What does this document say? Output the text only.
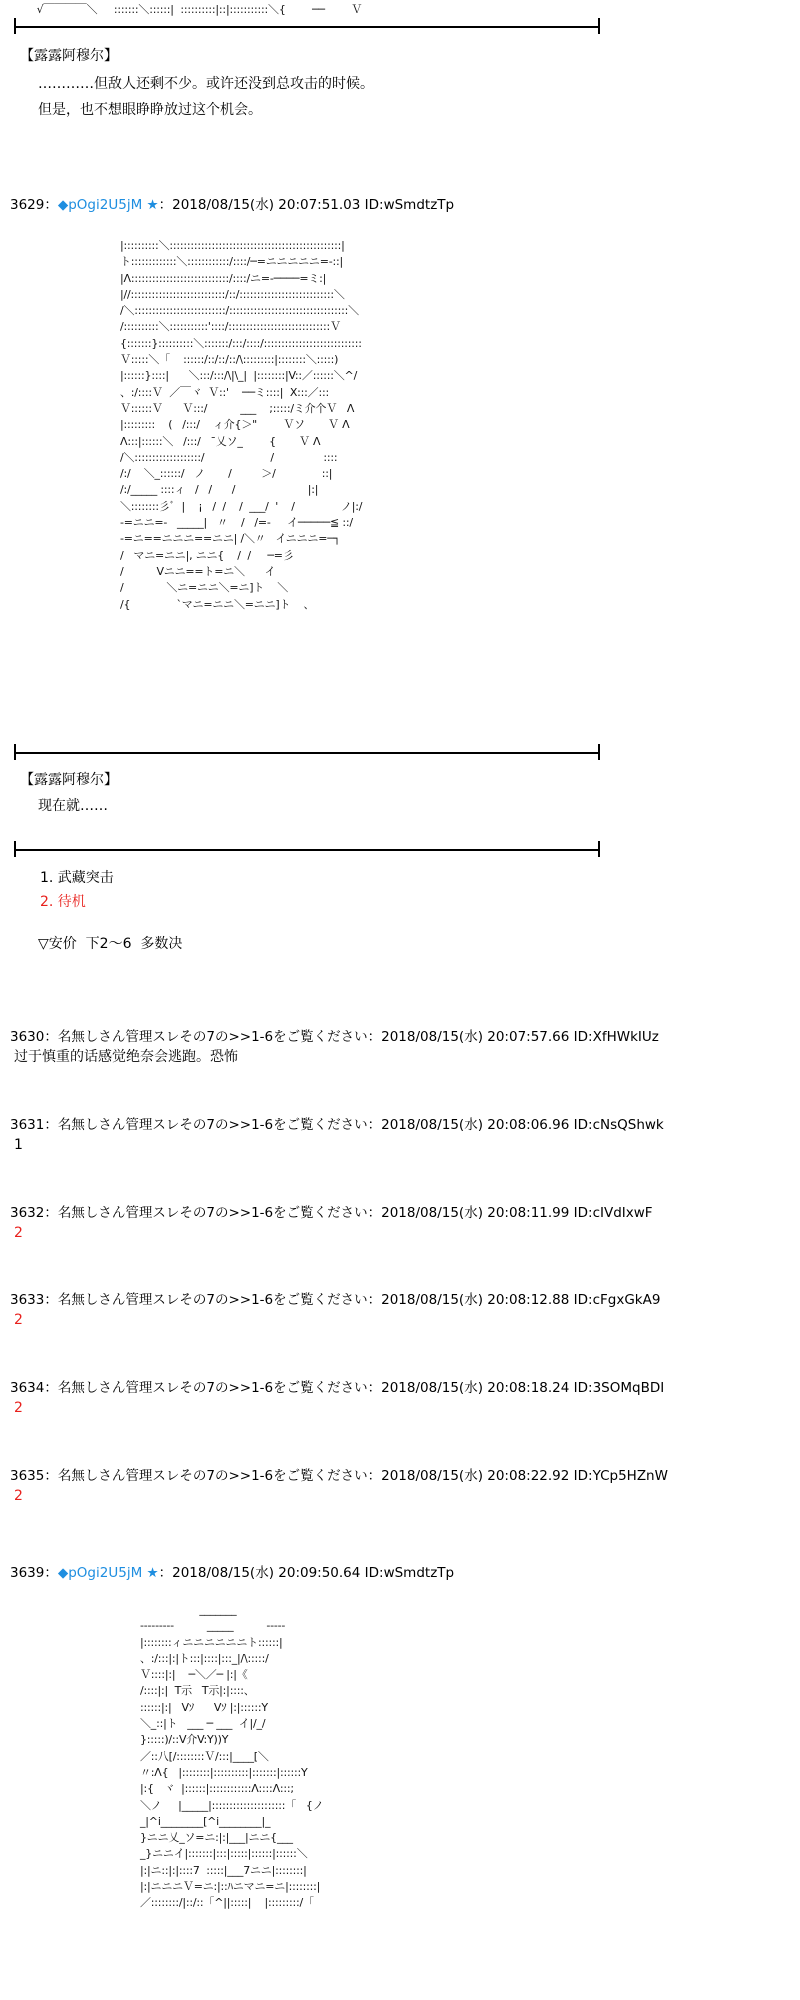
√￣￣￣￣＼     :::::::＼::::::|  ::::::::::|::|:::::::::::＼{        ──        Ｖ
【露露阿穆尔】
…………但敌人还剩不少。或许还没到总攻击的时候。
但是，也不想眼睁睁放过这个机会。
3629：◆pOgi2U5jM ★：2018/08/15(水) 20:07:51.03 ID:wSmdtzTp
|::::::::::＼:::::::::::::::::::::::::::::::::::::::::::::::::|
ト:::::::::::::＼::::::::::::/::::/─=ニニニニニ=-::|
|Λ::::::::::::::::::::::::::::/::::/ニ=‐────=ミ:|
|//:::::::::::::::::::::::::::/::/:::::::::::::::::::::::::::＼
/＼::::::::::::::::::::::::::/::::::::::::::::::::::::::::::::::＼
/::::::::::＼:::::::::::'::::/:::::::::::::::::::::::::::::Ｖ
{:::::::}::::::::::＼:::::::/:::/::::/::::::::::::::::::::::::::::
Ｖ:::::＼「    ::::::/::/::/::/\:::::::::|::::::::＼:::::)
|::::::}::::|      ＼:::/:::/\|\_|  |::::::::|V::／::::::＼^/
、:/::::Ｖ  ／￣ヾ  Ｖ::'    ──ミ::::|  X:::／:::
Ｖ::::::Ｖ      Ｖ:::/          ___    ;:::::/ミ介个Ｖ   Λ
|:::::::::    (   /:::/    ィ介{＞"        Ｖソ       Ｖ Λ
Λ:::|::::::＼   /:::/   ˉ乂ソ_        {       Ｖ Λ
/＼:::::::::::::::::::/                    /               ::::
/:/    ＼_::::::/   ノ       /         ＞/              ::|
/:/_____ ::::ィ   /   /      /                      |:|
＼::::::::彡ﾞ  |    ¡   /  /    /  ___/  '    /              ノ|:/
-=ニニ=-   _____|   〃    /   /=-     イ─────≦ ::/
-=ニ==ニニニ==ニニ| /＼〃   イニニニ=─┐
/   マニ=ニニ|, ニニ{    /  /     ─=彡
/          Vニニ==ト=ニ＼      イ
/             ＼ニ=ニニ＼=ニ]ト    ＼
/{              `マニ=ニニ＼=ニニ]ト    、
【露露阿穆尔】
现在就……
1. 武藏突击
2. 待机
▽安价  下2～6  多数决
3630：名無しさん管理スレその7の>>1-6をご覧ください：2018/08/15(水) 20:07:57.66 ID:XfHWkIUz
过于慎重的话感觉绝奈会逃跑。恐怖
3631：名無しさん管理スレその7の>>1-6をご覧ください：2018/08/15(水) 20:08:06.96 ID:cNsQShwk
1
3632：名無しさん管理スレその7の>>1-6をご覧ください：2018/08/15(水) 20:08:11.99 ID:cIVdIxwF
2
3633：名無しさん管理スレその7の>>1-6をご覧ください：2018/08/15(水) 20:08:12.88 ID:cFgxGkA9
2
3634：名無しさん管理スレその7の>>1-6をご覧ください：2018/08/15(水) 20:08:18.24 ID:3SOMqBDI
2
3635：名無しさん管理スレその7の>>1-6をご覧ください：2018/08/15(水) 20:08:22.92 ID:YCp5HZnW
2
3639：◆pOgi2U5jM ★：2018/08/15(水) 20:09:50.64 ID:wSmdtzTp
_______
---------          _____          -----
|::::::::ィニニニニニニト::::::|
、:/:::|:|ト:::|::::|:::_|/\:::::/
Ｖ::::|:|    ─＼／─ |:|《
/::::|:|  T示   T示|:|::::、
::::::|:|   Vｿ      Vｿ |:|::::::Y
＼_::|ト   ___ ─ ___  イ|/_/
}:::::)/::V介V:Y))Y
／::八[/::::::::Ｖ/:::|____[＼
〃:Λ{   |::::::::|::::::::::|:::::::|::::::Y
|:{   ヾ  |::::::|::::::::::::Λ::::Λ:::;
＼ノ     |_____|:::::::::::::::::::::「   {ノ
_|^i________[^i________|_
}ニニ乂_ソ=ニ:|:|___|ニニ{___
_}ニニイ|:::::::|:::|:::::|::::::|::::::＼
|:|ニ::|:|::::7  :::::|___7ニニ|::::::::|
|:|ニニニＶ=ニ:|::ﾊニマニ=ニ|::::::::|
／::::::::/|::/::「^||:::::|    |:::::::::/「
